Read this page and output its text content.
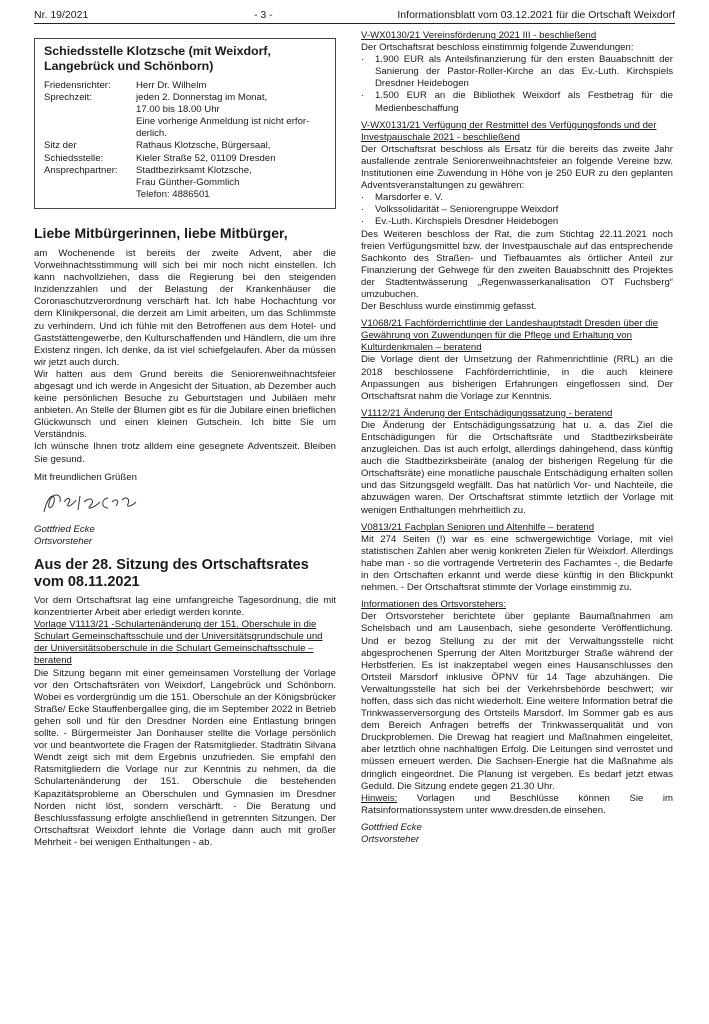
Nr. 19/2021	- 3 -	Informationsblatt vom 03.12.2021 für die Ortschaft Weixdorf
Schiedsstelle Klotzsche (mit Weixdorf, Langebrück und Schönborn)
Friedensrichter:	Herr Dr. Wilhelm
Sprechzeit:	jeden 2. Donnerstag im Monat,
17.00 bis 18.00 Uhr
Eine vorherige Anmeldung ist nicht erfor-
derlich.
Sitz der	Rathaus Klotzsche, Bürgersaal,
Schiedsstelle:	Kieler Straße 52, 01109 Dresden
Ansprechpartner:	Stadtbezirksamt Klotzsche,
Frau Günther-Gommlich
Telefon: 4886501
Liebe Mitbürgerinnen, liebe Mitbürger,

am Wochenende ist bereits der zweite Advent, aber die Vorweihnachtsstimmung will sich bei mir noch nicht einstellen. Ich kann nachvollziehen, dass die Regierung bei den steigenden Inzidenzzahlen und der Belastung der Krankenhäuser die Coronaschutzverordnung verschärft hat. Ich habe Hochachtung vor dem Klinikpersonal, die derzeit am Limit arbeiten, um das Schlimmste zu verhindern. Und ich fühle mit den Betroffenen aus dem Hotel- und Gaststättengewerbe, den Kulturschaffenden und Händlern, die um ihre Existenz ringen. Ich denke, da ist viel schiefgelaufen. Aber da müssen wir jetzt auch durch.

Wir hatten aus dem Grund bereits die Seniorenweihnachtsfeier abgesagt und ich werde in Angesicht der Situation, ab Dezember auch keine persönlichen Besuche zu Geburtstagen und Jubiläen mehr anbieten. An Stelle der Blumen gibt es für die Jubilare einen brieflichen Glückwunsch und einen kleinen Gutschein. Ich bitte Sie um Verständnis.

Ich wünsche Ihnen trotz alldem eine gesegnete Adventszeit. Bleiben Sie gesund.

Mit freundlichen Grüßen

Gottfried Ecke

Ortsvorsteher

Aus der 28. Sitzung des Ortschaftsrates vom 08.11.2021

Vor dem Ortschaftsrat lag eine umfangreiche Tagesordnung, die mit konzentrierter Arbeit aber erledigt werden konnte.

Vorlage V1113/21 -Schulartenänderung der 151. Oberschule in die Schulart Gemeinschaftsschule und der Universitätsgrundschule und der Universitätsoberschule in die Schulart Gemeinschaftsschule – beratend

Die Sitzung begann mit einer gemeinsamen Vorstellung der Vorlage vor den Ortschaftsräten von Weixdorf, Langebrück und Schönborn. Wobei es vordergründig um die 151. Oberschule an der Königsbrücker Straße/ Ecke Stauffenbergallee ging, die im September 2022 in Betrieb gehen soll und für den Dresdner Norden eine Entlastung bringen sollte. - Bürgermeister Jan Donhauser stellte die Vorlage persönlich vor und beantwortete die Fragen der Ratsmitglieder. Stadträtin Silvana Wendt zeigt sich mit dem Ergebnis unzufrieden. Sie empfahl den Ratsmitgliedern die Vorlage nur zur Kenntnis zu nehmen, da die Schulartenänderung der 151. Oberschule die bestehenden Kapazitätsprobleme an Oberschulen und Gymnasien im Dresdner Norden nicht löst, sondern verschärft. - Die Beratung und Beschlussfassung erfolgte anschließend in getrennten Sitzungen. Der Ortschaftsrat Weixdorf lehnte die Vorlage dann auch mit großer Mehrheit - bei wenigen Enthaltungen - ab.

V-WX0130/21 Vereinsförderung 2021 III - beschließend

Der Ortschaftsrat beschloss einstimmig folgende Zuwendungen:

·	1.900 EUR als Anteilsfinanzierung für den ersten Bauabschnitt der Sanierung der Pastor-Roller-Kirche an das Ev.-Luth. Kirchspiels Dresdner Heidebogen
·	1.500 EUR an die Bibliothek Weixdorf als Festbetrag für die Medienbeschaffung

V-WX0131/21 Verfügung der Restmittel des Verfügungsfonds und der Investpauschale 2021 - beschließend

Der Ortschaftsrat beschloss als Ersatz für die bereits das zweite Jahr ausfallende zentrale Seniorenweihnachtsfeier an folgende Vereine bzw. Institutionen eine Zuwendung in Höhe von je 250 EUR zu den geplanten Adventsveranstaltungen zu gewähren:

·	Marsdorfer e. V.
·	Volkssolidarität – Seniorengruppe Weixdorf
·	Ev.-Luth. Kirchspiels Dresdner Heidebogen

Des Weiteren beschloss der Rat, die zum Stichtag 22.11.2021 noch freien Verfügungsmittel bzw. der Investpauschale auf das entsprechende Sachkonto des Straßen- und Tiefbauamtes als örtlicher Anteil zur Finanzierung der Gehwege für den zweiten Bauabschnitt des Projektes der Stadtentwässerung „Regenwasserkanalisation OT Fuchsberg“ umzubuchen.

Der Beschluss wurde einstimmig gefasst.

V1068/21 Fachförderrichtlinie der Landeshauptstadt Dresden über die Gewährung von Zuwendungen für die Pflege und Erhaltung von Kulturdenkmalen – beratend

Die Vorlage dient der Umsetzung der Rahmenrichtlinie (RRL) an die 2018 beschlossene Fachförderrichtlinie, in die auch kleinere Anpassungen aus bisherigen Erfahrungen eingeflossen sind. Der Ortschaftsrat nahm die Vorlage zur Kenntnis.

V1112/21 Änderung der Entschädigungssatzung - beratend

Die Änderung der Entschädigungssatzung hat u. a. das Ziel die Entschädigungen für die Ortschaftsräte und Stadtbezirksbeiräte anzugleichen. Das ist auch erfolgt, allerdings dahingehend, dass künftig auch die Stadtbezirksbeiräte (analog der bisherigen Regelung für die Ortschaftsräte) eine monatliche pauschale Entschädigung erhalten sollen und das Sitzungsgeld wegfällt. Das hat natürlich Vor- und Nachteile, die abzuwägen waren. Der Ortschaftsrat stimmte letztlich der Vorlage mit wenigen Enthaltungen mehrheitlich zu.

V0813/21 Fachplan Senioren und Altenhilfe – beratend

Mit 274 Seiten (!) war es eine schwergewichtige Vorlage, mit viel statistischen Zahlen aber wenig konkreten Zielen für Weixdorf. Allerdings habe man - so die vortragende Vertreterin des Fachamtes -, die Bedarfe in den Ortschaften erkannt und werde diese künftig in den Blickpunkt nehmen. - Der Ortschaftsrat stimmte der Vorlage einstimmig zu.

Informationen des Ortsvorstehers:

Der Ortsvorsteher berichtete über geplante Baumaßnahmen am Schelsbach und am Lausenbach, siehe gesonderte Veröffentlichung. Und er bezog Stellung zu der mit der Verwaltungsstelle nicht abgesprochenen Sperrung der Alten Moritzburger Straße während der Herbstferien. Es ist inakzeptabel wegen eines Hausanschlusses den Ortsteil Marsdorf inklusive ÖPNV für 14 Tage abzuhängen. Die Verwaltungsstelle hat sich bei der Verkehrsbehörde beschwert; wir hoffen, dass sich das nicht wiederholt. Eine weitere Information betraf die Trinkwasserversorgung des Ortsteils Marsdorf. Im Sommer gab es aus dem Bereich Anfragen betreffs der Trinkwasserqualität und von Druckproblemen. Die Drewag hat reagiert und Maßnahmen eingeleitet, aber letztlich ohne nachhaltigen Erfolg. Die Leitungen sind verrostet und müssen erneuert werden. Die Sachsen-Energie hat die Maßnahme als dringlich eingeordnet. Die Planung ist vergeben. Es bedarf jetzt etwas Geduld. Die Sitzung endete gegen 21.30 Uhr.

Hinweis: Vorlagen und Beschlüsse können Sie im Ratsinformationssystem unter www.dresden.de einsehen.

Gottfried Ecke

Ortsvorsteher
